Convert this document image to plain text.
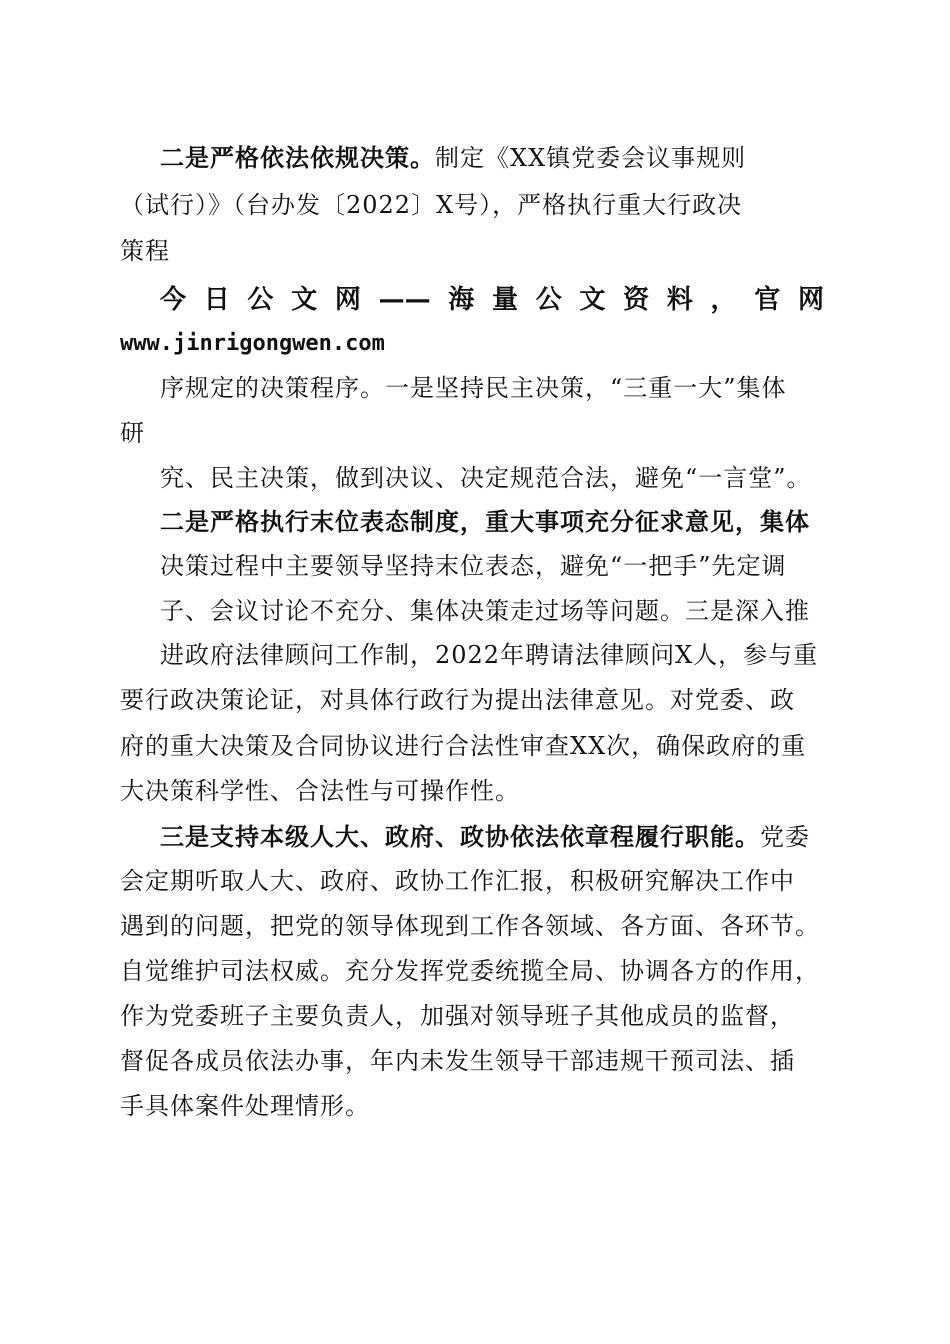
二是严格依法依规决策。制定《XX镇党委会议事规则
（试行）》（台办发〔2022〕X号），严格执行重大行政决
策程
今日公文网——海量公文资料，官网
www.jinrigongwen.com
序规定的决策程序。一是坚持民主决策，“三重一大”集体
研
究、民主决策，做到决议、决定规范合法，避免“一言堂”。
二是严格执行末位表态制度，重大事项充分征求意见，集体
决策过程中主要领导坚持末位表态，避免“一把手”先定调
子、会议讨论不充分、集体决策走过场等问题。三是深入推
进政府法律顾问工作制，2022年聘请法律顾问X人，参与重
要行政决策论证，对具体行政行为提出法律意见。对党委、政
府的重大决策及合同协议进行合法性审查XX次，确保政府的重
大决策科学性、合法性与可操作性。
三是支持本级人大、政府、政协依法依章程履行职能。党委
会定期听取人大、政府、政协工作汇报，积极研究解决工作中
遇到的问题，把党的领导体现到工作各领域、各方面、各环节。
自觉维护司法权威。充分发挥党委统揽全局、协调各方的作用，
作为党委班子主要负责人，加强对领导班子其他成员的监督，
督促各成员依法办事，年内未发生领导干部违规干预司法、插
手具体案件处理情形。
